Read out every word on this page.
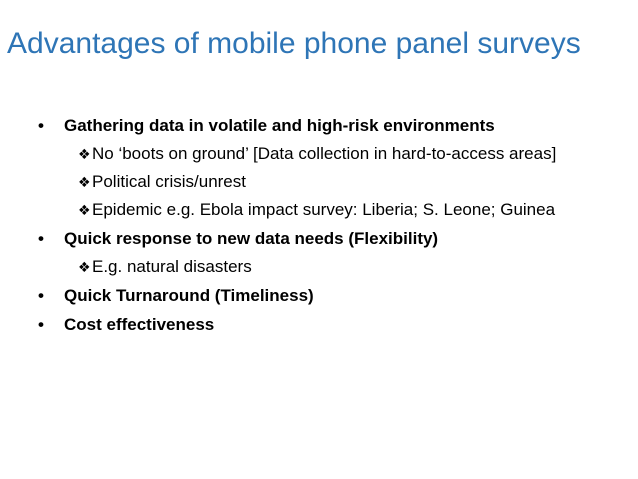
Advantages of mobile phone panel surveys
• Gathering data in volatile and high-risk environments
❖ No ‘boots on ground’ [Data collection in hard-to-access areas]
❖ Political crisis/unrest
❖ Epidemic e.g. Ebola impact survey: Liberia; S. Leone; Guinea
• Quick response to new data needs (Flexibility)
❖ E.g. natural disasters
• Quick Turnaround (Timeliness)
• Cost effectiveness
